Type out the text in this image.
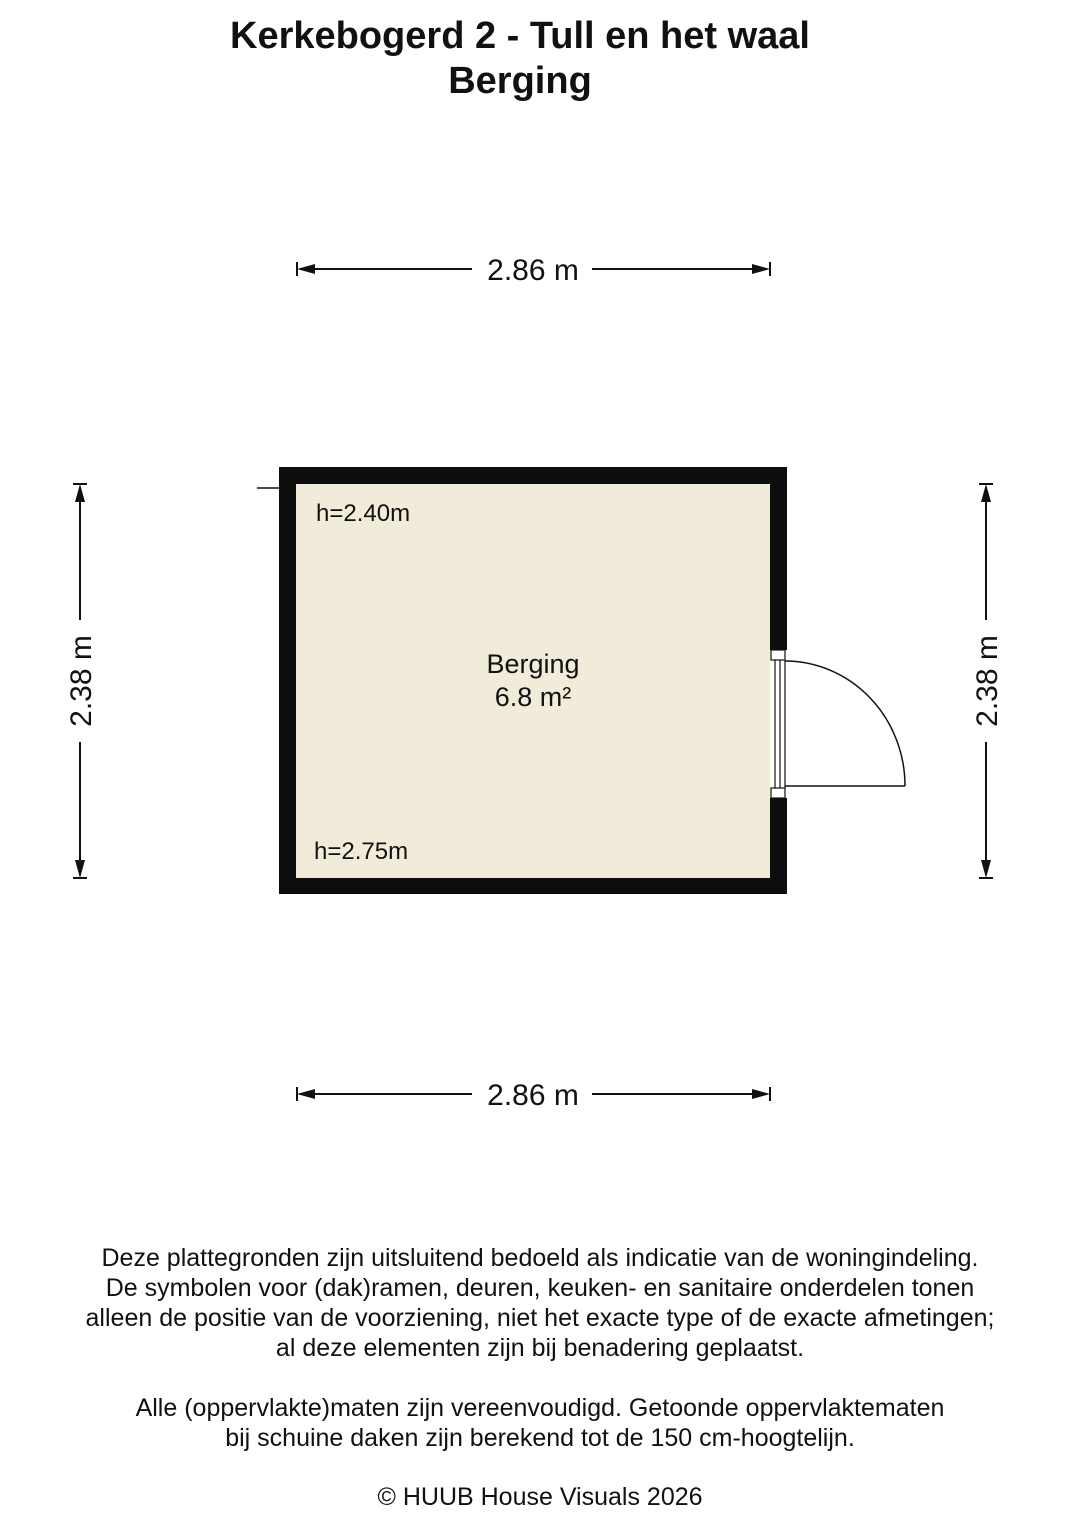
Kerkebogerd 2 - Tull en het waal
Berging
2.86 m
2.86 m
2.38 m	2.38 m
h=2.40m
h=2.75m
Berging
6.8 m²
Deze plattegronden zijn uitsluitend bedoeld als indicatie van de woningindeling.
De symbolen voor (dak)ramen, deuren, keuken- en sanitaire onderdelen tonen
alleen de positie van de voorziening, niet het exacte type of de exacte afmetingen;
al deze elementen zijn bij benadering geplaatst.
Alle (oppervlakte)maten zijn vereenvoudigd. Getoonde oppervlaktematen
bij schuine daken zijn berekend tot de 150 cm-hoogtelijn.
© HUUB House Visuals 2026
